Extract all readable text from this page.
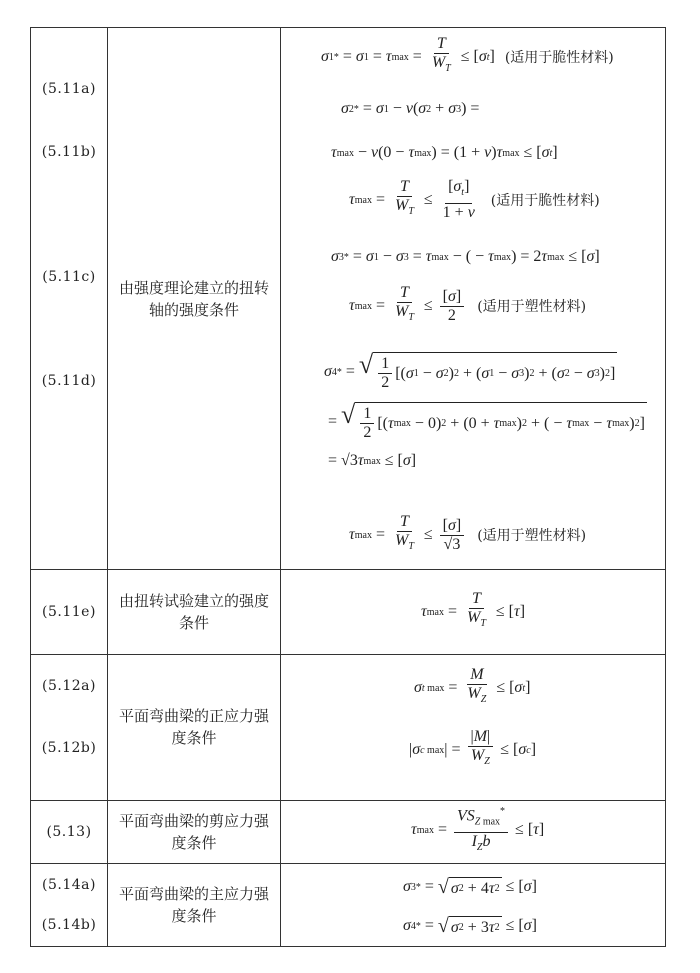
(5.11a)
(5.11b)
(5.11c)
(5.11d)
由强度理论建立的扭转轴的强度条件
σ 1 * = σ 1 = τ $\max = \frac{T}{W_T}$ ≤ [ σ t ] (适用于脆性材料)
σ 2 * = σ 1 − ν ( σ 2 + σ 3 ) =
τ max − ν (0 − τ max ) = (1 + ν ) τ max ≤ [ σ t ]
τ $\max = \frac{T}{W_T} \le \frac{[\sigma_t]}{1 + \nu}$ (适用于脆性材料)
σ 3 * = σ 1 − σ 3 = τ max − ( − τ max ) = 2 τ max ≤ [ σ ]
τ $\max = \frac{T}{W_T} \le \frac{[\sigma]}{2}$ (适用于塑性材料)
σ 4 * = √ $\frac{1}{2}$ [( σ 1 − σ 2 ) 2 + ( σ 1 − σ 3 ) 2 + ( σ 2 − σ 3 ) 2 ]
= √ $\frac{1}{2}$ [( τ max − 0) 2 + (0 + τ max ) 2 + ( − τ max − τ max ) 2 ]
= √3 τ max ≤ [ σ ]
τ $\max = \frac{T}{W_T} \le \frac{[\sigma]}{√3}$ (适用于塑性材料)
(5.11e)
由扭转试验建立的强度条件
τ $\max = \frac{T}{W_T}$ ≤ [ τ ]
(5.12a)
(5.12b)
平面弯曲梁的正应力强度条件
σ t $\max = \frac{M}{W_Z}$ ≤ [ σ t ]
| σ c max | = $\frac{|M|}{W_Z}$ ≤ [ σ c ]
(5.13)
平面弯曲梁的剪应力强度条件
τ $\max = \frac{VS_{Z max}^*}{I_Zb}$ ≤ [ τ ]
(5.14a)
(5.14b)
平面弯曲梁的主应力强度条件
σ 3 * = √ σ 2 + 4 τ 2 ≤ [ σ ]
σ 4 * = √ σ 2 + 3 τ 2 ≤ [ σ ]
